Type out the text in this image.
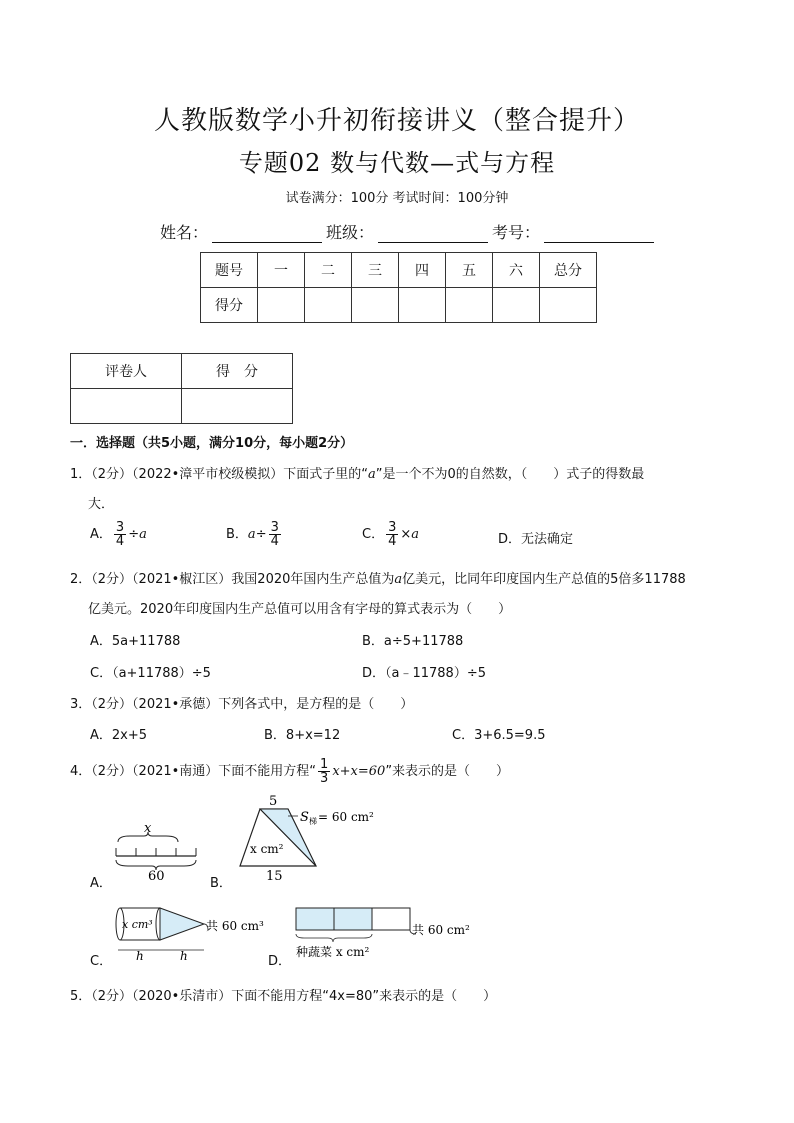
人教版数学小升初衔接讲义（整合提升）
专题02 数与代数—式与方程
试卷满分：100分 考试时间：100分钟
姓名：	班级：	考号：
题号	一	二	三	四	五	六	总分
得分							
评卷人	得　分

一．选择题（共5小题，满分10分，每小题2分）
1．（2分）（2022•漳平市校级模拟）下面式子里的“a”是一个不为0的自然数，（　　）式子的得数最
大．
A． $\frac{3}{4} \div a$	B．$a\div \frac{3}{4}$	C． $\frac{3}{4} \times a$	D．无法确定
2．（2分）（2021•椒江区）我国2020年国内生产总值为a亿美元，比同年印度国内生产总值的5倍多11788
亿美元。2020年印度国内生产总值可以用含有字母的算式表示为（　　）
A．5a+11788	B．a÷5+11788
C．（a+11788）÷5	D．（a﹣11788）÷5
3．（2分）（2021•承德）下列各式中，是方程的是（　　）
A．2x+5	B．8+x=12	C．3+6.5=9.5
4．（2分）（2021•南通）下面不能用方程“ $\frac{1}{3} x+x=60$”来表示的是（　　）
A．
x
60	B．
5
S 梯 = 60 cm²
x cm²
15
C．
x cm³
h	h
共 60 cm³
D．
共 60 cm²
种蔬菜 x cm²
5．（2分）（2020•乐清市）下面不能用方程“4x=80”来表示的是（　　）
